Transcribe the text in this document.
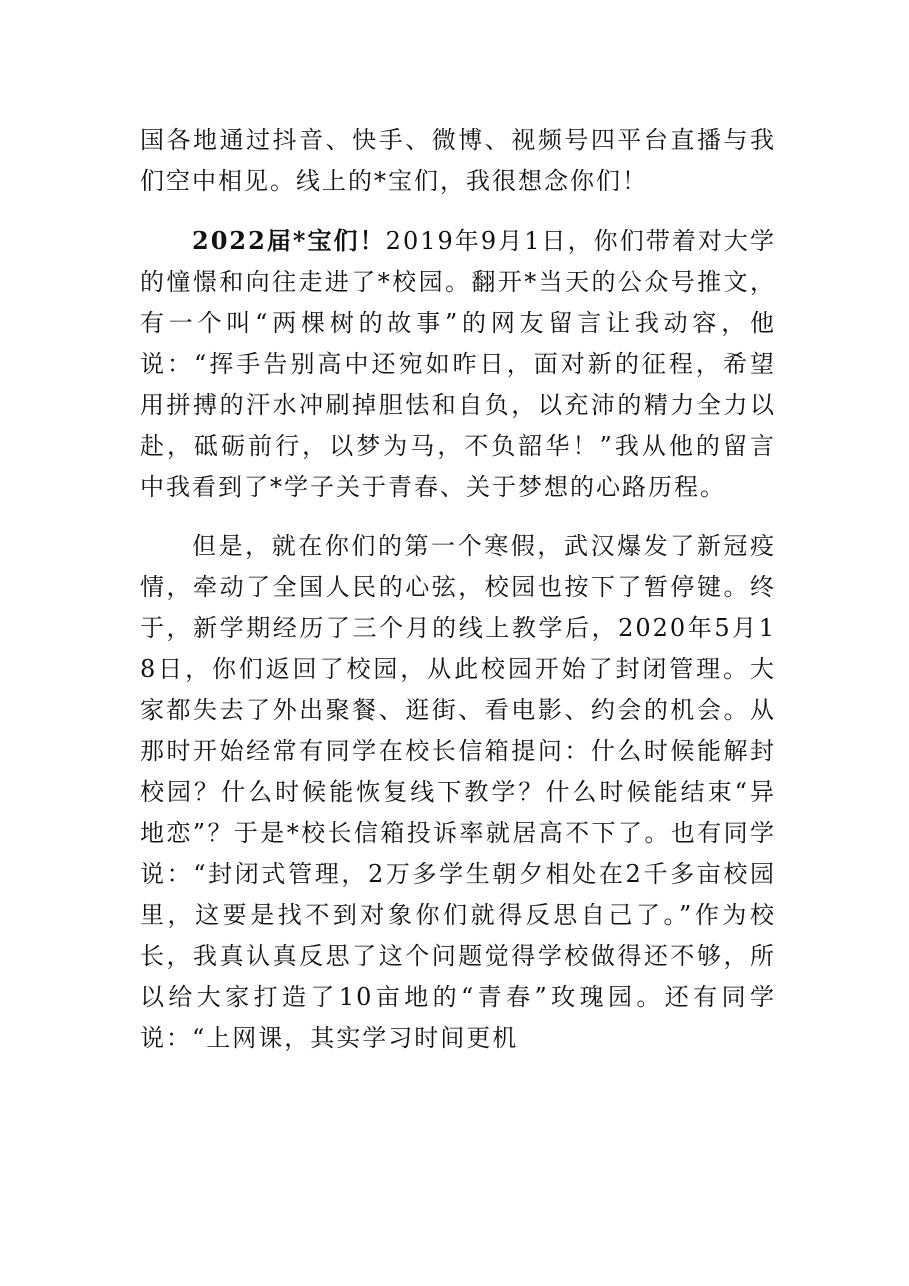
国各地通过抖音、快手、微博、视频号四平台直播与我们空中相见。线上的*宝们，我很想念你们！

2022届*宝们！2019年9月1日，你们带着对大学的憧憬和向往走进了*校园。翻开*当天的公众号推文，有一个叫“两棵树的故事”的网友留言让我动容，他说：“挥手告别高中还宛如昨日，面对新的征程，希望用拼搏的汗水冲刷掉胆怯和自负，以充沛的精力全力以赴，砥砺前行，以梦为马，不负韶华！”我从他的留言中我看到了*学子关于青春、关于梦想的心路历程。

但是，就在你们的第一个寒假，武汉爆发了新冠疫情，牵动了全国人民的心弦，校园也按下了暂停键。终于，新学期经历了三个月的线上教学后，2020年5月18日，你们返回了校园，从此校园开始了封闭管理。大家都失去了外出聚餐、逛街、看电影、约会的机会。从那时开始经常有同学在校长信箱提问：什么时候能解封校园？什么时候能恢复线下教学？什么时候能结束“异地恋”？于是*校长信箱投诉率就居高不下了。也有同学说：“封闭式管理，2万多学生朝夕相处在2千多亩校园里，这要是找不到对象你们就得反思自己了。”作为校长，我真认真反思了这个问题觉得学校做得还不够，所以给大家打造了10亩地的“青春”玫瑰园。还有同学说：“上网课，其实学习时间更机
